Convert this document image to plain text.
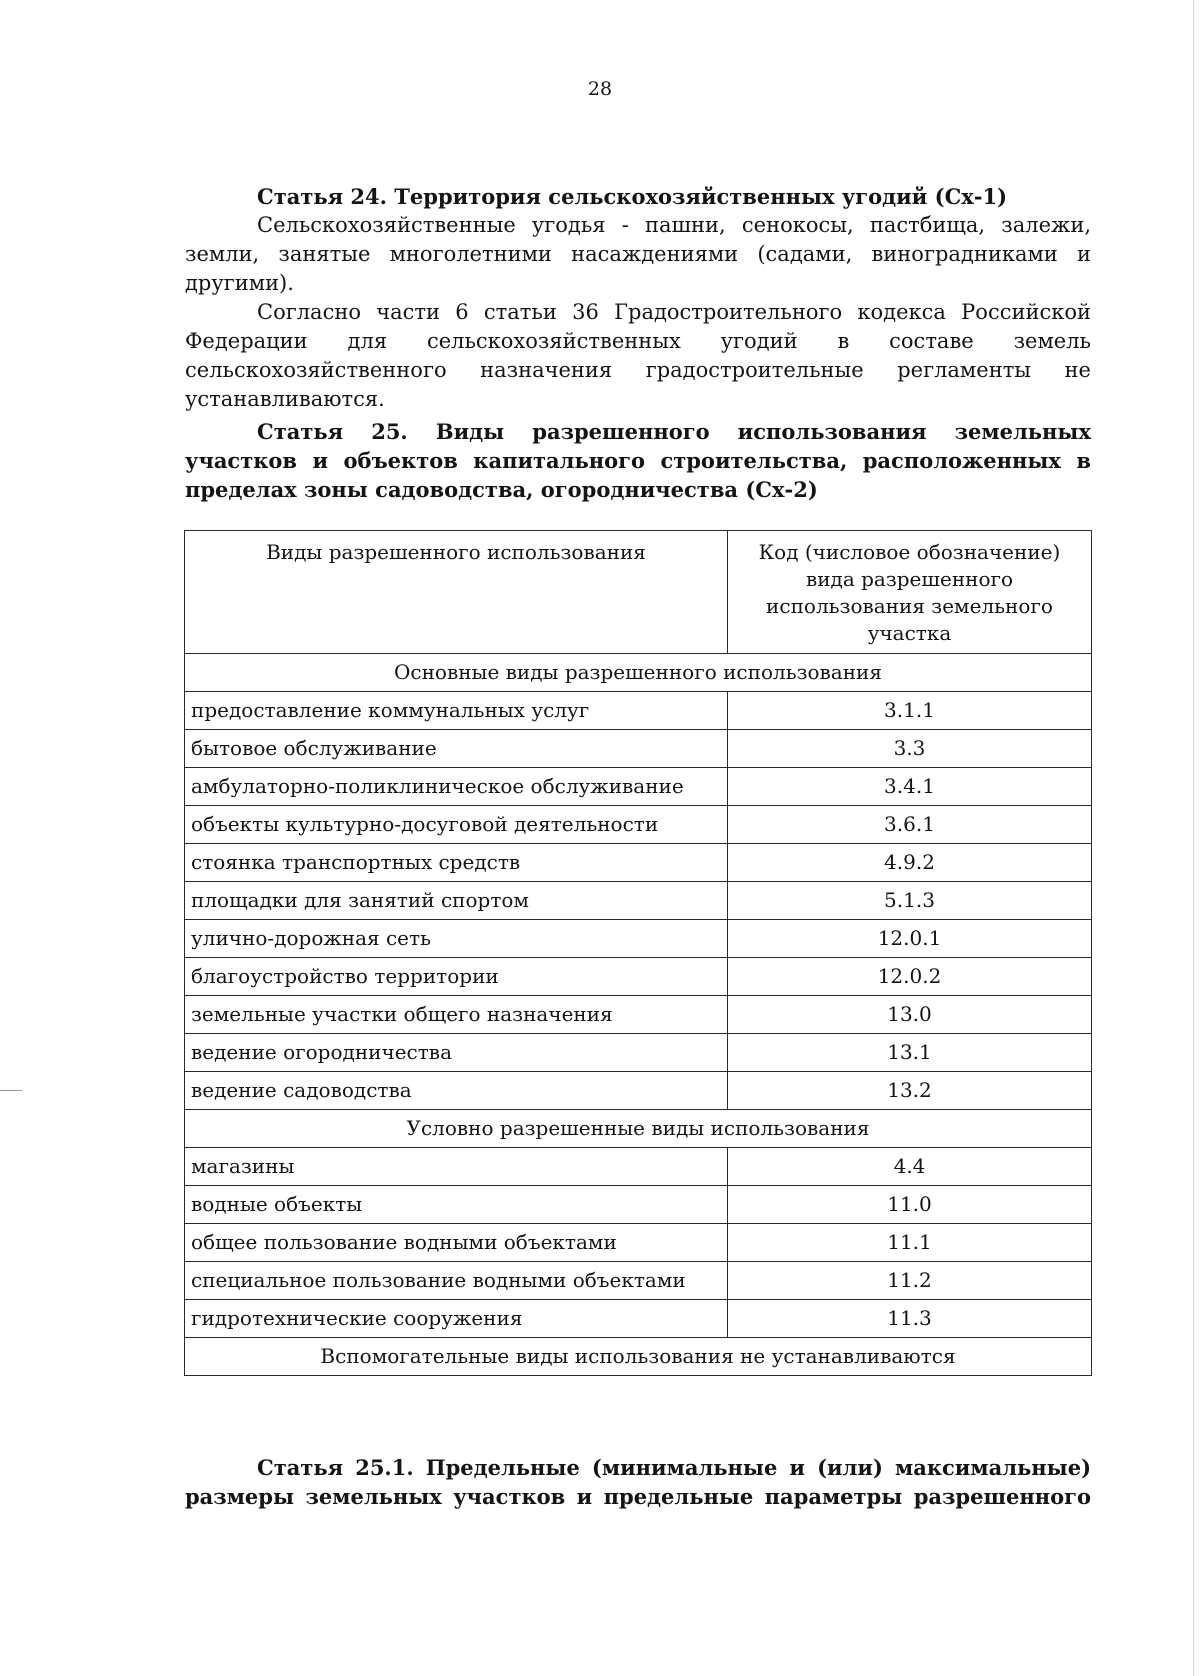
28
Статья 24. Территория сельскохозяйственных угодий (Сх-1)

Сельскохозяйственные угодья - пашни, сенокосы, пастбища, залежи, земли, занятые многолетними насаждениями (садами, виноградниками и другими).

Согласно части 6 статьи 36 Градостроительного кодекса Российской Федерации для сельскохозяйственных угодий в составе земель сельскохозяйственного назначения градостроительные регламенты не устанавливаются.

Статья 25. Виды разрешенного использования земельных участков и объектов капитального строительства, расположенных в пределах зоны садоводства, огородничества (Сх-2)
Виды разрешенного использования	Код (числовое обозначение) вида разрешенного использования земельного участка
Основные виды разрешенного использования	
предоставление коммунальных услуг	3.1.1
бытовое обслуживание	3.3
амбулаторно-поликлиническое обслуживание	3.4.1
объекты культурно-досуговой деятельности	3.6.1
стоянка транспортных средств	4.9.2
площадки для занятий спортом	5.1.3
улично-дорожная сеть	12.0.1
благоустройство территории	12.0.2
земельные участки общего назначения	13.0
ведение огородничества	13.1
ведение садоводства	13.2
Условно разрешенные виды использования	
магазины	4.4
водные объекты	11.0
общее пользование водными объектами	11.1
специальное пользование водными объектами	11.2
гидротехнические сооружения	11.3
Вспомогательные виды использования не устанавливаются	
Статья 25.1. Предельные (минимальные и (или) максимальные) размеры земельных участков и предельные параметры разрешенного
